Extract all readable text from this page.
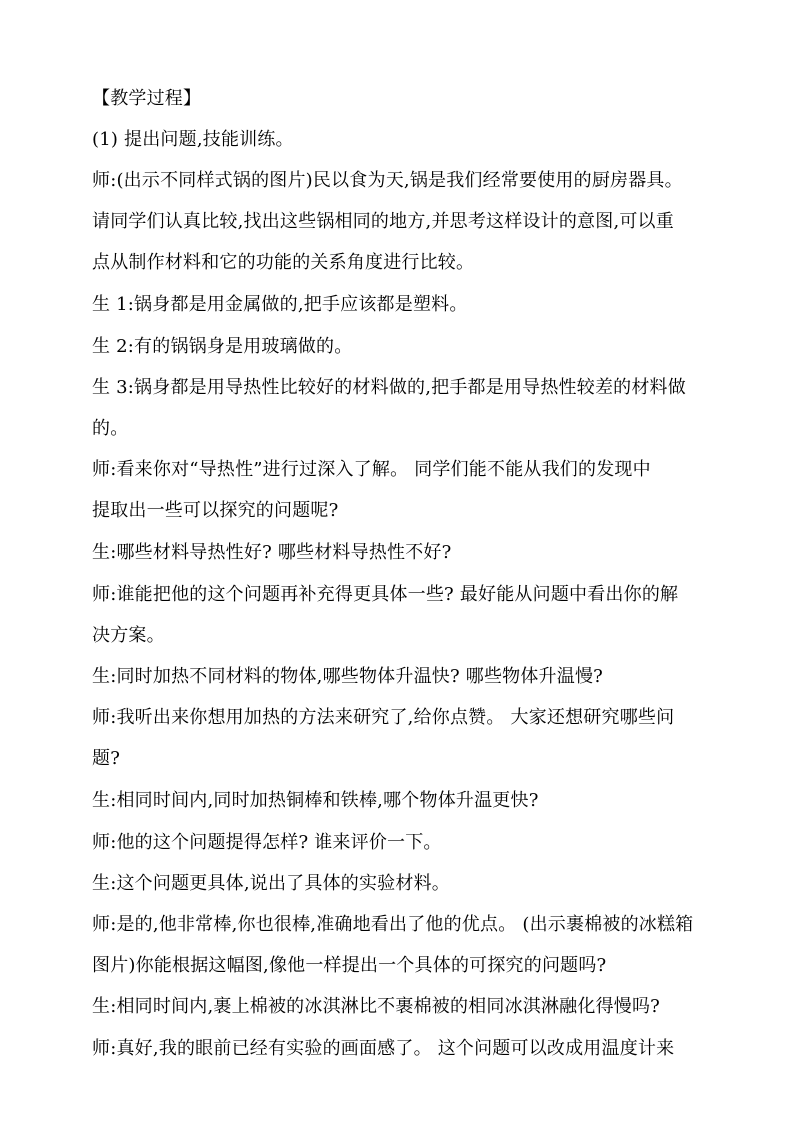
【教学过程】
(1) 提出问题,技能训练。
师:(出示不同样式锅的图片)民以食为天,锅是我们经常要使用的厨房器具。
请同学们认真比较,找出这些锅相同的地方,并思考这样设计的意图,可以重
点从制作材料和它的功能的关系角度进行比较。
生 1:锅身都是用金属做的,把手应该都是塑料。
生 2:有的锅锅身是用玻璃做的。
生 3:锅身都是用导热性比较好的材料做的,把手都是用导热性较差的材料做
的。
师:看来你对“导热性”进行过深入了解。 同学们能不能从我们的发现中
提取出一些可以探究的问题呢?
生:哪些材料导热性好? 哪些材料导热性不好?
师:谁能把他的这个问题再补充得更具体一些? 最好能从问题中看出你的解
决方案。
生:同时加热不同材料的物体,哪些物体升温快? 哪些物体升温慢?
师:我听出来你想用加热的方法来研究了,给你点赞。 大家还想研究哪些问
题?
生:相同时间内,同时加热铜棒和铁棒,哪个物体升温更快?
师:他的这个问题提得怎样? 谁来评价一下。
生:这个问题更具体,说出了具体的实验材料。
师:是的,他非常棒,你也很棒,准确地看出了他的优点。 (出示裹棉被的冰糕箱
图片)你能根据这幅图,像他一样提出一个具体的可探究的问题吗?
生:相同时间内,裹上棉被的冰淇淋比不裹棉被的相同冰淇淋融化得慢吗?
师:真好,我的眼前已经有实验的画面感了。 这个问题可以改成用温度计来
